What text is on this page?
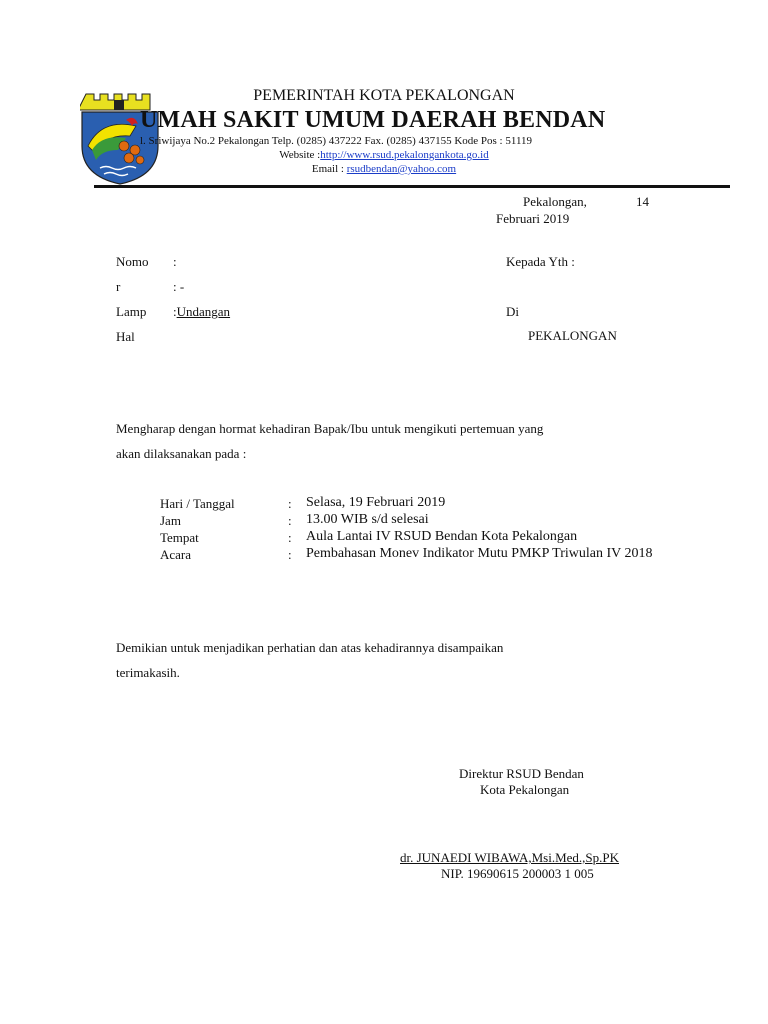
PEMERINTAH KOTA PEKALONGAN
UMAH SAKIT UMUM DAERAH BENDAN
l. Sriwijaya No.2 Pekalongan Telp. (0285) 437222 Fax. (0285) 437155 Kode Pos : 51119
Website :http://www.rsud.pekalongankota.go.id
Email : rsudbendan@yahoo.com
Pekalongan,	14
Februari 2019
Nomo :
r	: -
Lamp :Undangan
Hal
Kepada Yth :
Di
PEKALONGAN
Mengharap dengan hormat kehadiran Bapak/Ibu untuk mengikuti pertemuan yang
akan dilaksanakan pada :
Hari / Tanggal	: Selasa, 19 Februari 2019
Jam	: 13.00 WIB s/d selesai
Tempat	: Aula Lantai IV RSUD Bendan Kota Pekalongan
Acara	: Pembahasan Monev Indikator Mutu PMKP Triwulan IV 2018
Demikian untuk menjadikan perhatian dan atas kehadirannya disampaikan
terimakasih.
Direktur RSUD Bendan
Kota Pekalongan
dr. JUNAEDI WIBAWA,Msi.Med.,Sp.PK
NIP. 19690615 200003 1 005
